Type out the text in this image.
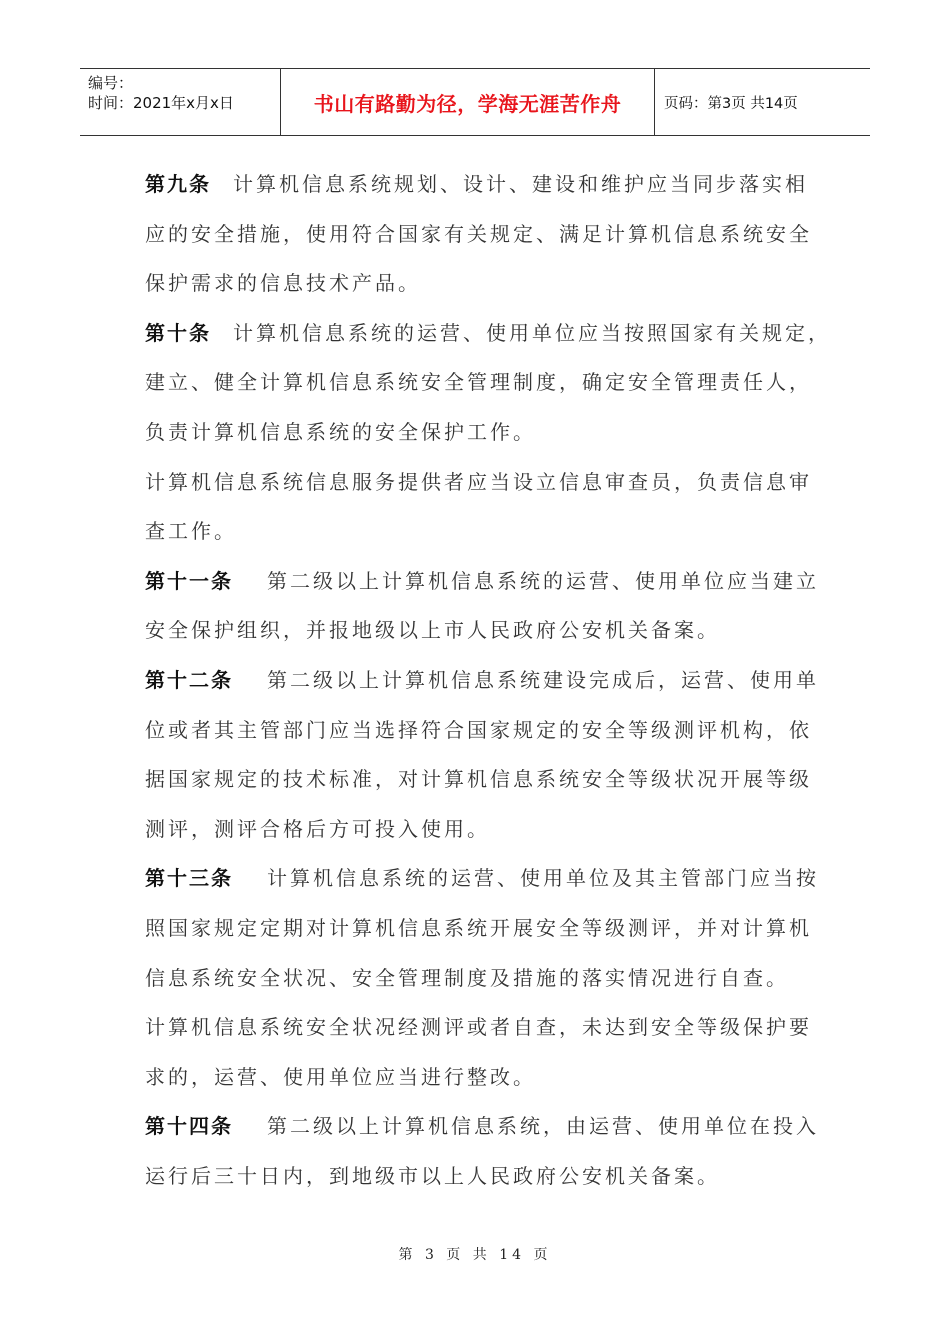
编号：
时间：2021年x月x日	书山有路勤为径，学海无涯苦作舟	页码：第3页 共14页
第九条 计算机信息系统规划、设计、建设和维护应当同步落实相
应的安全措施，使用符合国家有关规定、满足计算机信息系统安全
保护需求的信息技术产品。
第十条 计算机信息系统的运营、使用单位应当按照国家有关规定，
建立、健全计算机信息系统安全管理制度，确定安全管理责任人，
负责计算机信息系统的安全保护工作。
计算机信息系统信息服务提供者应当设立信息审查员，负责信息审
查工作。
第十一条 第二级以上计算机信息系统的运营、使用单位应当建立
安全保护组织，并报地级以上市人民政府公安机关备案。
第十二条 第二级以上计算机信息系统建设完成后，运营、使用单
位或者其主管部门应当选择符合国家规定的安全等级测评机构，依
据国家规定的技术标准，对计算机信息系统安全等级状况开展等级
测评，测评合格后方可投入使用。
第十三条 计算机信息系统的运营、使用单位及其主管部门应当按
照国家规定定期对计算机信息系统开展安全等级测评，并对计算机
信息系统安全状况、安全管理制度及措施的落实情况进行自查。
计算机信息系统安全状况经测评或者自查，未达到安全等级保护要
求的，运营、使用单位应当进行整改。
第十四条 第二级以上计算机信息系统，由运营、使用单位在投入
运行后三十日内，到地级市以上人民政府公安机关备案。
第 3 页 共 14 页
